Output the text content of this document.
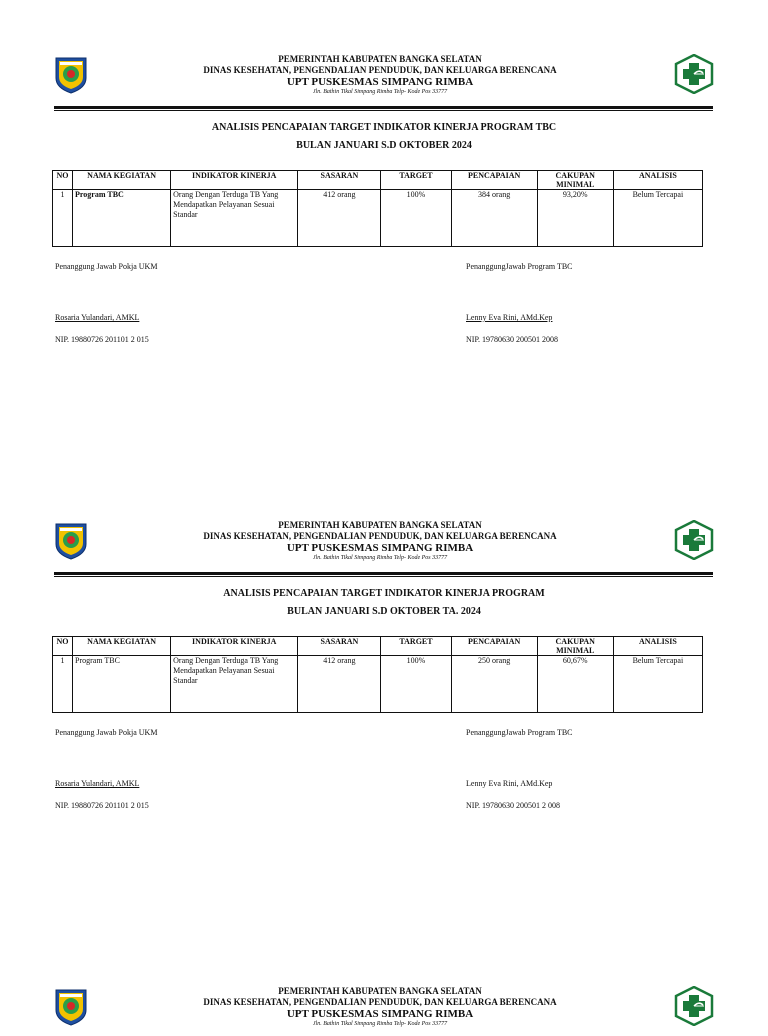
PEMERINTAH KABUPATEN BANGKA SELATAN
DINAS KESEHATAN, PENGENDALIAN PENDUDUK, DAN KELUARGA BERENCANA
UPT PUSKESMAS SIMPANG RIMBA
Jln. Bathin Tikal Simpang Rimba Telp- Kode Pos 33777
ANALISIS PENCAPAIAN TARGET INDIKATOR KINERJA PROGRAM TBC
BULAN JANUARI S.D OKTOBER 2024
NO	NAMA KEGIATAN	INDIKATOR KINERJA	SASARAN	TARGET	PENCAPAIAN	CAKUPAN MINIMAL	ANALISIS
1	Program TBC	Orang Dengan Terduga TB Yang Mendapatkan Pelayanan Sesuai Standar	412 orang	100%	384 orang	93,20%	Belum Tercapai
Penanggung Jawab Pokja UKM
Rosaria Yulandari, AMKL
NIP. 19880726 201101 2 015
PenanggungJawab Program TBC
Lenny Eva Rini, AMd.Kep
NIP. 19780630 200501 2008
PEMERINTAH KABUPATEN BANGKA SELATAN
DINAS KESEHATAN, PENGENDALIAN PENDUDUK, DAN KELUARGA BERENCANA
UPT PUSKESMAS SIMPANG RIMBA
Jln. Bathin Tikal Simpang Rimba Telp- Kode Pos 33777
ANALISIS PENCAPAIAN TARGET INDIKATOR KINERJA PROGRAM
BULAN JANUARI S.D OKTOBER TA. 2024
NO	NAMA KEGIATAN	INDIKATOR KINERJA	SASARAN	TARGET	PENCAPAIAN	CAKUPAN MINIMAL	ANALISIS
1	Program TBC	Orang Dengan Terduga TB Yang Mendapatkan Pelayanan Sesuai Standar	412 orang	100%	250 orang	60,67%	Belum Tercapai
Penanggung Jawab Pokja UKM
Rosaria Yulandari, AMKL
NIP. 19880726 201101 2 015
PenanggungJawab Program TBC
Lenny Eva Rini, AMd.Kep
NIP. 19780630 200501 2 008
PEMERINTAH KABUPATEN BANGKA SELATAN
DINAS KESEHATAN, PENGENDALIAN PENDUDUK, DAN KELUARGA BERENCANA
UPT PUSKESMAS SIMPANG RIMBA
Jln. Bathin Tikal Simpang Rimba Telp- Kode Pos 33777
